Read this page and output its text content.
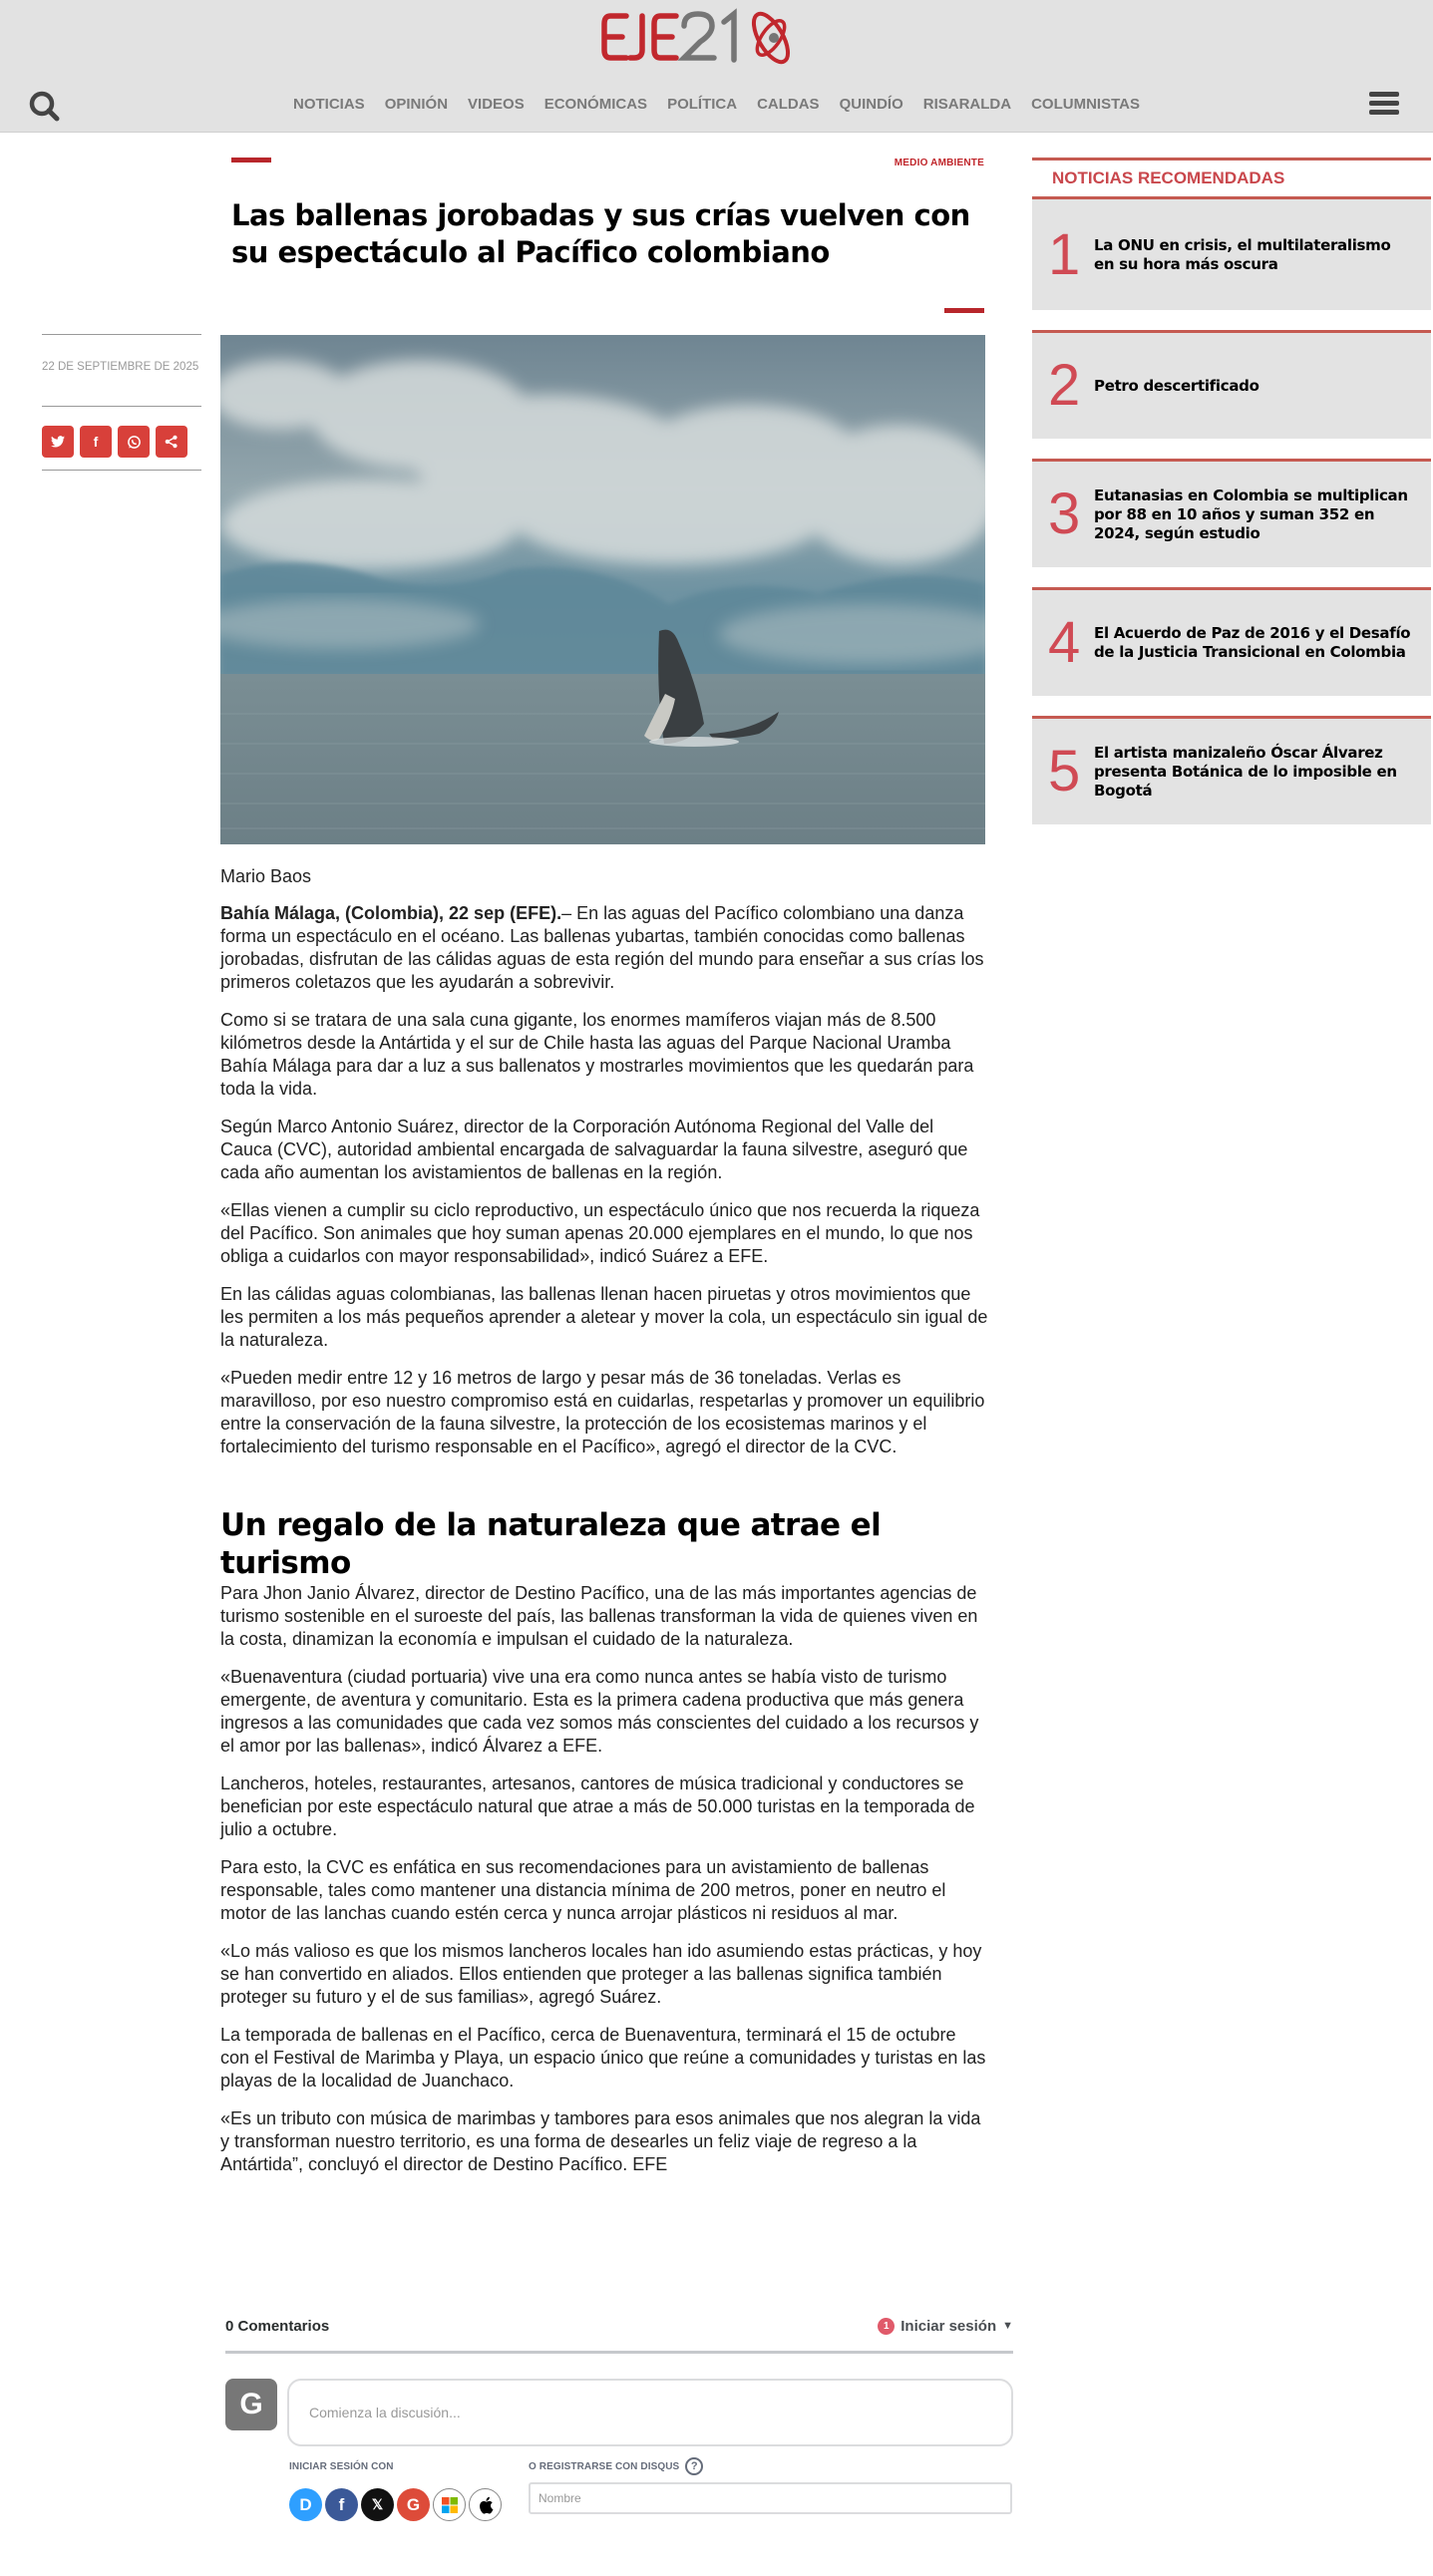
NOTICIAS OPINIÓN VIDEOS ECONÓMICAS POLÍTICA CALDAS QUINDÍO RISARALDA COLUMNISTAS
MEDIO AMBIENTE
Las ballenas jorobadas y sus crías vuelven con su espectáculo al Pacífico colombiano
22 DE SEPTIEMBRE DE 2025
f

Mario Baos

Bahía Málaga, (Colombia), 22 sep (EFE).– En las aguas del Pacífico colombiano una danza forma un espectáculo en el océano. Las ballenas yubartas, también conocidas como ballenas jorobadas, disfrutan de las cálidas aguas de esta región del mundo para enseñar a sus crías los primeros coletazos que les ayudarán a sobrevivir.

Como si se tratara de una sala cuna gigante, los enormes mamíferos viajan más de 8.500 kilómetros desde la Antártida y el sur de Chile hasta las aguas del Parque Nacional Uramba Bahía Málaga para dar a luz a sus ballenatos y mostrarles movimientos que les quedarán para toda la vida.

Según Marco Antonio Suárez, director de la Corporación Autónoma Regional del Valle del Cauca (CVC), autoridad ambiental encargada de salvaguardar la fauna silvestre, aseguró que cada año aumentan los avistamientos de ballenas en la región.

«Ellas vienen a cumplir su ciclo reproductivo, un espectáculo único que nos recuerda la riqueza del Pacífico. Son animales que hoy suman apenas 20.000 ejemplares en el mundo, lo que nos obliga a cuidarlos con mayor responsabilidad», indicó Suárez a EFE.

En las cálidas aguas colombianas, las ballenas llenan hacen piruetas y otros movimientos que les permiten a los más pequeños aprender a aletear y mover la cola, un espectáculo sin igual de la naturaleza.

«Pueden medir entre 12 y 16 metros de largo y pesar más de 36 toneladas. Verlas es maravilloso, por eso nuestro compromiso está en cuidarlas, respetarlas y promover un equilibrio entre la conservación de la fauna silvestre, la protección de los ecosistemas marinos y el fortalecimiento del turismo responsable en el Pacífico», agregó el director de la CVC.

Un regalo de la naturaleza que atrae el turismo

Para Jhon Janio Álvarez, director de Destino Pacífico, una de las más importantes agencias de turismo sostenible en el suroeste del país, las ballenas transforman la vida de quienes viven en la costa, dinamizan la economía e impulsan el cuidado de la naturaleza.

«Buenaventura (ciudad portuaria) vive una era como nunca antes se había visto de turismo emergente, de aventura y comunitario. Esta es la primera cadena productiva que más genera ingresos a las comunidades que cada vez somos más conscientes del cuidado a los recursos y el amor por las ballenas», indicó Álvarez a EFE.

Lancheros, hoteles, restaurantes, artesanos, cantores de música tradicional y conductores se benefician por este espectáculo natural que atrae a más de 50.000 turistas en la temporada de julio a octubre.

Para esto, la CVC es enfática en sus recomendaciones para un avistamiento de ballenas responsable, tales como mantener una distancia mínima de 200 metros, poner en neutro el motor de las lanchas cuando estén cerca y nunca arrojar plásticos ni residuos al mar.

«Lo más valioso es que los mismos lancheros locales han ido asumiendo estas prácticas, y hoy se han convertido en aliados. Ellos entienden que proteger a las ballenas significa también proteger su futuro y el de sus familias», agregó Suárez.

La temporada de ballenas en el Pacífico, cerca de Buenaventura, terminará el 15 de octubre con el Festival de Marimba y Playa, un espacio único que reúne a comunidades y turistas en las playas de la localidad de Juanchaco.

«Es un tributo con música de marimbas y tambores para esos animales que nos alegran la vida y transforman nuestro territorio, es una forma de desearles un feliz viaje de regreso a la Antártida”, concluyó el director de Destino Pacífico. EFE

NOTICIAS RECOMENDADAS
1 La ONU en crisis, el multilateralismo en su hora más oscura
2 Petro descertificado
3 Eutanasias en Colombia se multiplican por 88 en 10 años y suman 352 en 2024, según estudio
4 El Acuerdo de Paz de 2016 y el Desafío de la Justicia Transicional en Colombia
5 El artista manizaleño Óscar Álvarez presenta Botánica de lo imposible en Bogotá
0 Comentarios	1 Iniciar sesión ▼
G	Comienza la discusión...
INICIAR SESIÓN CON
D f 𝕏 G
O REGISTRARSE CON DISQUS	?
Nombre
